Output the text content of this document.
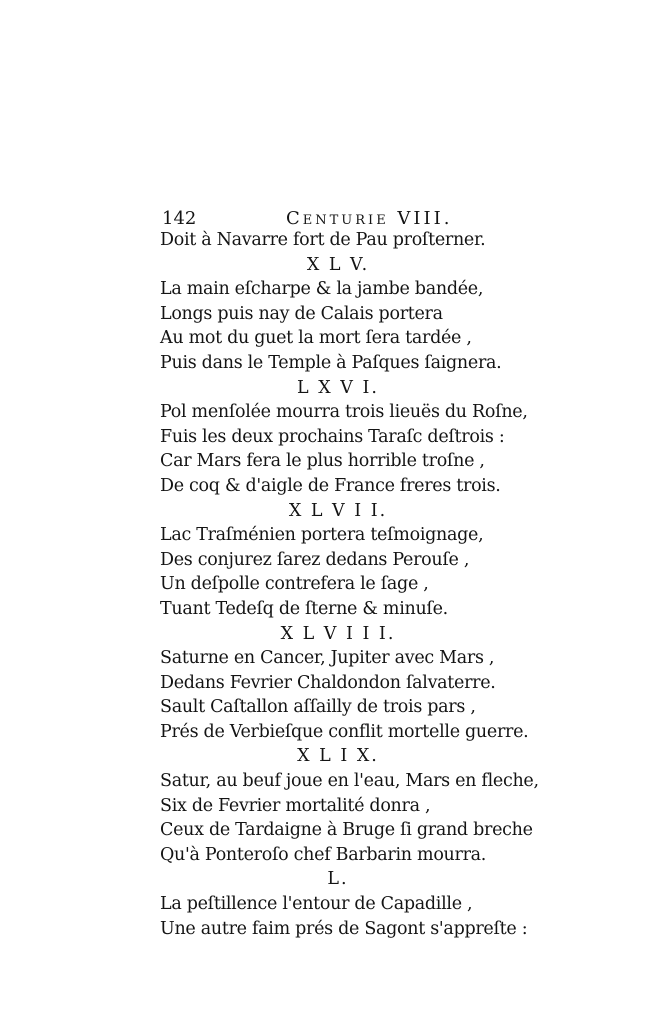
142	Centurie VIII.
Doit à Navarre fort de Pau proſterner.
X L V.
La main eſcharpe & la jambe bandée,
Longs puis nay de Calais portera
Au mot du guet la mort ſera tardée ,
Puis dans le Temple à Paſques ſaignera.
L X V I.
Pol menſolée mourra trois lieuës du Roſne,
Fuis les deux prochains Taraſc deſtrois :
Car Mars fera le plus horrible troſne ,
De coq & d'aigle de France freres trois.
X L V I I.
Lac Traſménien portera teſmoignage,
Des conjurez ſarez dedans Perouſe ,
Un deſpolle contrefera le ſage ,
Tuant Tedeſq de ſterne & minuſe.
X L V I I I.
Saturne en Cancer, Jupiter avec Mars ,
Dedans Fevrier Chaldondon ſalvaterre.
Sault Caſtallon aſſailly de trois pars ,
Prés de Verbieſque conflit mortelle guerre.
X L I X.
Satur, au beuf joue en l'eau, Mars en fleche,
Six de Fevrier mortalité donra ,
Ceux de Tardaigne à Bruge ſi grand breche
Qu'à Ponteroſo chef Barbarin mourra.
L.
La peſtillence l'entour de Capadille ,
Une autre faim prés de Sagont s'appreſte :
